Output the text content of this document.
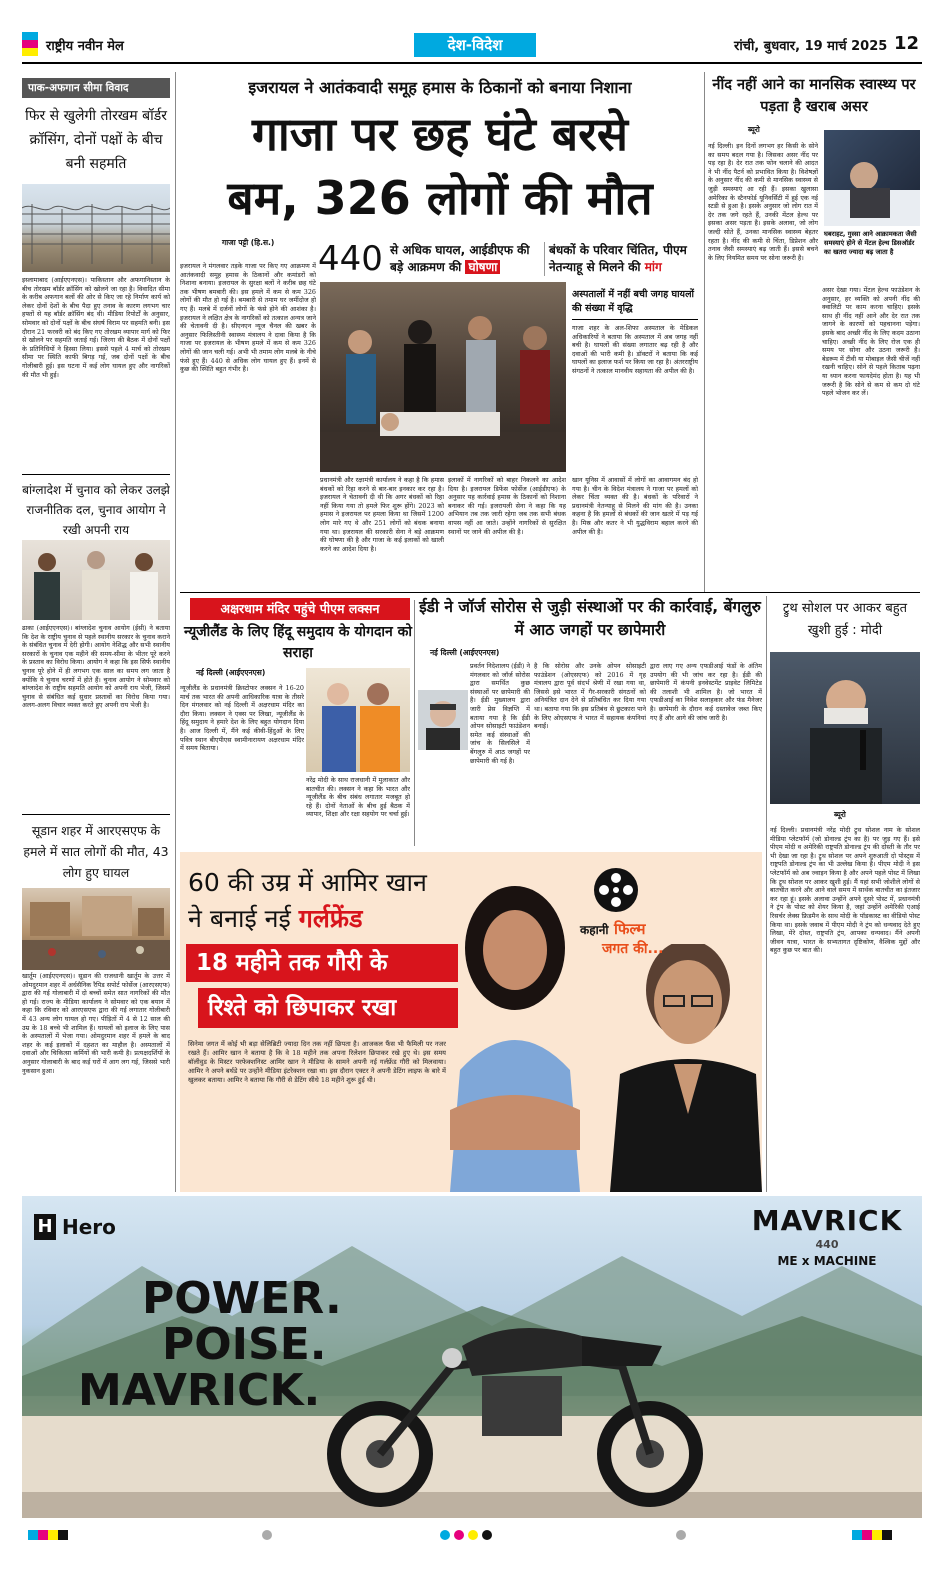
राष्ट्रीय नवीन मेल	देश-विदेश	रांची, बुधवार, 19 मार्च 2025 12
पाक-अफगान सीमा विवाद
फिर से खुलेगी तोरखम बॉर्डर क्रॉसिंग, दोनों पक्षों के बीच बनी सहमति
इस्लामाबाद (आईएएनएस)। पाकिस्तान और अफगानिस्तान के बीच तोरखम बॉर्डर क्रॉसिंग को खोलने जा रहा है। विवादित सीमा के करीब अफगान बलों की ओर से किए जा रहे निर्माण कार्य को लेकर दोनों देशों के बीच पैदा हुए तनाव के कारण लगभग चार हफ्तों से यह बॉर्डर क्रॉसिंग बंद थी। मीडिया रिपोर्टों के अनुसार, सोमवार को दोनों पक्षों के बीच संघर्ष विराम पर सहमति बनी। इस दौरान 21 फरवरी को बंद किए गए तोरखम व्यापार मार्ग को फिर से खोलने पर सहमति जताई गई। जिरगा की बैठक में दोनों पक्षों के प्रतिनिधियों ने हिस्सा लिया। इससे पहले 4 मार्च को तोरखम सीमा पर स्थिति काफी बिगड़ गई, जब दोनों पक्षों के बीच गोलीबारी हुई। इस घटना में कई लोग घायल हुए और नागरिकों की मौत भी हुई।
बांग्लादेश में चुनाव को लेकर उलझे राजनीतिक दल, चुनाव आयोग ने रखी अपनी राय
ढाका (आईएएनएस)। बांग्लादेश चुनाव आयोग (ईसी) ने बताया कि देश के राष्ट्रीय चुनाव से पहले स्थानीय सरकार के चुनाव कराने के संबंधित चुनाव में देरी होगी। आयोग नेशिद्ध और सभी स्थानीय सरकारों के चुनाव एक महीने की समय-सीमा के भीतर पूरे करने के प्रस्ताव का विरोध किया। आयोग ने कहा कि इस सिर्फ स्थानीय चुनाव पूरे होने में ही लगभग एक साल का समय लग जाता है क्योंकि ये चुनाव चरणों में होते हैं। चुनाव आयोग ने सोमवार को बांग्लादेश के राष्ट्रीय सहमति आयोग को अपनी राय भेजी, जिसमें चुनाव से संबंधित कई सुधार प्रस्तावों का विरोध किया गया। अलग-अलग विचार व्यक्त करते हुए अपनी राय भेजी है।
सूडान शहर में आरएसएफ के हमले में सात लोगों की मौत, 43 लोग हुए घायल
खार्तूम (आईएएनएस)। सूडान की राजधानी खार्तूम के उत्तर में ओमदुरमान शहर में अर्धसैनिक रैपिड सपोर्ट फोर्सेज (आरएसएफ) द्वारा की गई गोलाबारी में दो बच्चों समेत सात नागरिकों की मौत हो गई। राज्य के मीडिया कार्यालय ने सोमवार को एक बयान में कहा कि रविवार को आरएसएफ द्वारा की गई लगातार गोलीबारी में 43 अन्य लोग घायल हो गए। पीड़ितों में 4 से 12 साल की उम्र के 18 बच्चे भी शामिल हैं। घायलों को इलाज के लिए पास के अस्पतालों में भेजा गया। ओमदुरमान शहर में हमले के बाद शहर के कई इलाकों में दहशत का माहौल है। अस्पतालों में दवाओं और चिकित्सा कर्मियों की भारी कमी है। प्रत्यक्षदर्शियों के अनुसार गोलाबारी के बाद कई घरों में आग लग गई, जिससे भारी नुकसान हुआ।
इजरायल ने आतंकवादी समूह हमास के ठिकानों को बनाया निशाना
गाजा पर छह घंटे बरसे
बम, 326 लोगों की मौत
गाजा पट्टी (हि.स.) 440 से अधिक घायल, आईडीएफ की बड़े आक्रमण की घोषणा
बंधकों के परिवार चिंतित, पीएम नेतन्याहू से मिलने की मांग
इजरायल ने मंगलवार तड़के गाजा पर किए गए आक्रमण में आतंकवादी समूह हमास के ठिकानों और कमांडरों को निशाना बनाया। इजरायल के सुरक्षा बलों ने करीब छह घंटे तक भीषण बमबारी की। इस हमले में कम से कम 326 लोगों की मौत हो गई है। बमबारी से तमाम घर जमींदोज हो गए हैं। मलबे में दर्जनों लोगों के फंसे होने की आशंका है। इजरायल ने लक्षित क्षेत्र के नागरिकों को तत्काल अन्यत्र जाने की चेतावनी दी है। सीएनएन न्यूज चैनल की खबर के अनुसार फिलिस्तीनी स्वास्थ्य मंत्रालय ने दावा किया है कि गाजा पर इजरायल के भीषण हमले में कम से कम 326 लोगों की जान चली गई। अभी भी तमाम लोग मलबे के नीचे फंसे हुए हैं। 440 से अधिक लोग घायल हुए हैं। इनमें से कुछ की स्थिति बहुत गंभीर है।
अस्पतालों में नहीं बची जगह घायलों की संख्या में वृद्धि
गाजा शहर के अल-शिफा अस्पताल के मेडिकल अधिकारियों ने बताया कि अस्पताल में अब जगह नहीं बची है। घायलों की संख्या लगातार बढ़ रही है और दवाओं की भारी कमी है। डॉक्टरों ने बताया कि कई घायलों का इलाज फर्श पर किया जा रहा है। अंतरराष्ट्रीय संगठनों ने तत्काल मानवीय सहायता की अपील की है।
प्रधानमंत्री और रक्षामंत्री कार्यालय ने कहा है कि हमास बंधकों को रिहा करने से बार-बार इनकार कर रहा है। इजरायल ने चेतावनी दी थी कि अगर बंधकों को रिहा नहीं किया गया तो हमले फिर शुरू होंगे। 2023 को हमास ने इजरायल पर हमला किया था जिसमें 1200 लोग मारे गए थे और 251 लोगों को बंधक बनाया गया था। इजरायल की सरकारी सेना ने बड़े आक्रमण की घोषणा की है और गाजा के कई इलाकों को खाली करने का आदेश दिया है।
इलाकों में नागरिकों को बाहर निकलने का आदेश दिया है। इजरायल डिफेंस फोर्सेज (आईडीएफ) के अनुसार यह कार्रवाई हमास के ठिकानों को निशाना बनाकर की गई। इजरायली सेना ने कहा कि यह अभियान तब तक जारी रहेगा जब तक सभी बंधक वापस नहीं आ जाते। उन्होंने नागरिकों से सुरक्षित स्थानों पर जाने की अपील की है।
खान यूनिस में आवासों में लोगों का आवागमन बंद हो गया है। चीन के विदेश मंत्रालय ने गाजा पर हमलों को लेकर चिंता व्यक्त की है। बंधकों के परिवारों ने प्रधानमंत्री नेतन्याहू से मिलने की मांग की है। उनका कहना है कि हमलों से बंधकों की जान खतरे में पड़ गई है। मिस्र और कतर ने भी युद्धविराम बहाल करने की अपील की है।
नींद नहीं आने का मानसिक स्वास्थ्य पर पड़ता है खराब असर
ब्यूरो
नई दिल्ली। इन दिनों लगभग हर किसी के सोने का समय बदल गया है। जिसका असर नींद पर पड़ रहा है। देर रात तक फोन चलाने की आदत ने भी नींद पैटर्न को प्रभावित किया है। विशेषज्ञों के अनुसार नींद की कमी से मानसिक स्वास्थ्य से जुड़ी समस्याएं आ रही हैं। इसका खुलासा अमेरिका के स्टैनफोर्ड यूनिवर्सिटी में हुई एक नई स्टडी से हुआ है। इसके अनुसार जो लोग रात में देर तक जगे रहते हैं, उनकी मेंटल हेल्थ पर इसका असर पड़ता है। इसके अलावा, जो लोग जल्दी सोते हैं, उनका मानसिक स्वास्थ्य बेहतर रहता है। नींद की कमी से चिंता, डिप्रेशन और तनाव जैसी समस्याएं बढ़ जाती हैं। इससे बचने के लिए नियमित समय पर सोना जरूरी है।
घबराहट, गुस्सा आने आक्रामकता जैसी समस्याएं होने से मेंटल हेल्थ डिसऑर्डर का खतरा ज्यादा बढ़ जाता है
असर देखा गया। मेंटल हेल्थ फाउंडेशन के अनुसार, हर व्यक्ति को अपनी नींद की क्वालिटी पर काम करना चाहिए। इसके साथ ही नींद नहीं आने और देर रात तक जागने के कारणों को पहचानना पड़ेगा। इसके बाद अच्छी नींद के लिए कदम उठाना चाहिए। अच्छी नींद के लिए रोज एक ही समय पर सोना और उठना जरूरी है। बेडरूम में टीवी या मोबाइल जैसी चीजें नहीं रखनी चाहिए। सोने से पहले किताब पढ़ना या ध्यान करना फायदेमंद होता है। यह भी जरूरी है कि सोने से कम से कम दो घंटे पहले भोजन कर लें।
अक्षरधाम मंदिर पहुंचे पीएम लक्सन
न्यूजीलैंड के लिए हिंदू समुदाय के योगदान को सराहा
नई दिल्ली (आईएएनएस)
न्यूजीलैंड के प्रधानमंत्री क्रिस्टोफर लक्सन ने 16-20 मार्च तक भारत की अपनी आधिकारिक यात्रा के तीसरे दिन मंगलवार को नई दिल्ली में अक्षरधाम मंदिर का दौरा किया। लक्सन ने एक्स पर लिखा, न्यूजीलैंड के हिंदू समुदाय ने हमारे देश के लिए बहुत योगदान दिया है। आज दिल्ली में, मैंने कई कीवी-हिंदुओं के लिए पवित्र स्थान बीएपीएस स्वामीनारायण अक्षरधाम मंदिर में समय बिताया।
नरेंद्र मोदी के साथ राजधानी में मुलाकात और बातचीत की। लक्सन ने कहा कि भारत और न्यूजीलैंड के बीच संबंध लगातार मजबूत हो रहे हैं। दोनों नेताओं के बीच हुई बैठक में व्यापार, शिक्षा और रक्षा सहयोग पर चर्चा हुई।
ईडी ने जॉर्ज सोरोस से जुड़ी संस्थाओं पर की कार्रवाई, बेंगलुरु में आठ जगहों पर छापेमारी
नई दिल्ली (आईएएनएस)
प्रवर्तन निदेशालय (ईडी) ने मंगलवार को जॉर्ज सोरोस द्वारा समर्थित कुछ संस्थाओं पर छापेमारी की है। ईडी मुख्यालय द्वारा जारी प्रेस विज्ञप्ति में बताया गया है कि ईडी ओपन सोसाइटी फाउंडेशन समेत कई संस्थाओं की जांच के सिलसिले में बेंगलुरु में आठ जगहों पर छापेमारी की गई है।
है कि सोरोस और उनके ओपन सोसाइटी फाउंडेशन (ओएसएफ) को 2016 में गृह मंत्रालय द्वारा पूर्व संदर्भ श्रेणी में रखा गया था, जिससे इसे भारत में गैर-सरकारी संगठनों को अनियंत्रित दान देने से प्रतिबंधित कर दिया गया था। बताया गया कि इस प्रतिबंध से छुटकारा पाने के लिए ओएसएफ ने भारत में सहायक कंपनियां बनाईं।
द्वारा लाए गए अन्य एफडीआई फंडों के अंतिम उपयोग की भी जांच कर रहा है। ईडी की छापेमारी में कंपनी इनवेस्टमेंट प्राइवेट लिमिटेड की तलाशी भी शामिल है। जो भारत में एफडीआई का निवेश सलाहकार और फंड मैनेजर है। छापेमारी के दौरान कई दस्तावेज जब्त किए गए हैं और आगे की जांच जारी है।
ट्रुथ सोशल पर आकर बहुत खुशी हुई : मोदी
ब्यूरो
नई दिल्ली। प्रधानमंत्री नरेंद्र मोदी ट्रुथ सोशल नाम के सोशल मीडिया प्लेटफॉर्म (जो डोनाल्ड ट्रंप का है) पर जुड़ गए हैं। इसे पीएम मोदी व अमेरिकी राष्ट्रपति डोनाल्ड ट्रंप की दोस्ती के तौर पर भी देखा जा रहा है। ट्रुथ सोशल पर अपने शुरुआती दो पोस्ट्स में राष्ट्रपति डोनाल्ड ट्रंप का भी उल्लेख किया है। पीएम मोदी ने इस प्लेटफॉर्म को अब ज्वाइन किया है और अपने पहले पोस्ट में लिखा कि ट्रुथ सोशल पर आकर खुशी हुई। मैं यहां सभी जोशीले लोगों से बातचीत करने और आने वाले समय में सार्थक बातचीत का इंतजार कर रहा हूं। इसके अलावा उन्होंने अपने दूसरे पोस्ट में, प्रधानमंत्री ने ट्रंप के पोस्ट को शेयर किया है, जहां उन्होंने अमेरिकी एआई रिसर्चर लेक्स फ्रिडमैन के साथ मोदी के पॉडकास्ट का वीडियो पोस्ट किया था। इसके जवाब में पीएम मोदी ने ट्रंप को धन्यवाद देते हुए लिखा, मेरे दोस्त, राष्ट्रपति ट्रंप, आपका धन्यवाद। मैंने अपनी जीवन यात्रा, भारत के सभ्यतागत दृष्टिकोण, वैश्विक मुद्दों और बहुत कुछ पर बात की।
60 की उम्र में आमिर खान
ने बनाई नई गर्लफ्रेंड
18 महीने तक गौरी के
रिश्ते को छिपाकर रखा
सिनेमा जगत में कोई भी बड़ा सेलिब्रिटी ज्यादा दिन तक नहीं छिपता है। आजकल फैंस भी फैमिली पर नजर रखते हैं। आमिर खान ने बताया है कि वे 18 महीने तक अपना रिलेशन छिपाकर रखे हुए थे। इस समय बॉलीवुड के मिस्टर परफेक्शनिस्ट आमिर खान ने मीडिया के सामने अपनी नई गर्लफ्रेंड गौरी को मिलवाया। आमिर ने अपने बर्थडे पर उन्होंने मीडिया इंटरेक्शन रखा था। इस दौरान एक्टर ने अपनी डेटिंग लाइफ के बारे में खुलकर बताया। आमिर ने बताया कि गौरी से डेटिंग सीधे 18 महीने शुरू हुई थी।
कहानी फिल्म
जगत की...
H Hero	MAVRICK
440
ME x MACHINE
POWER.
POISE.
MAVRICK.
